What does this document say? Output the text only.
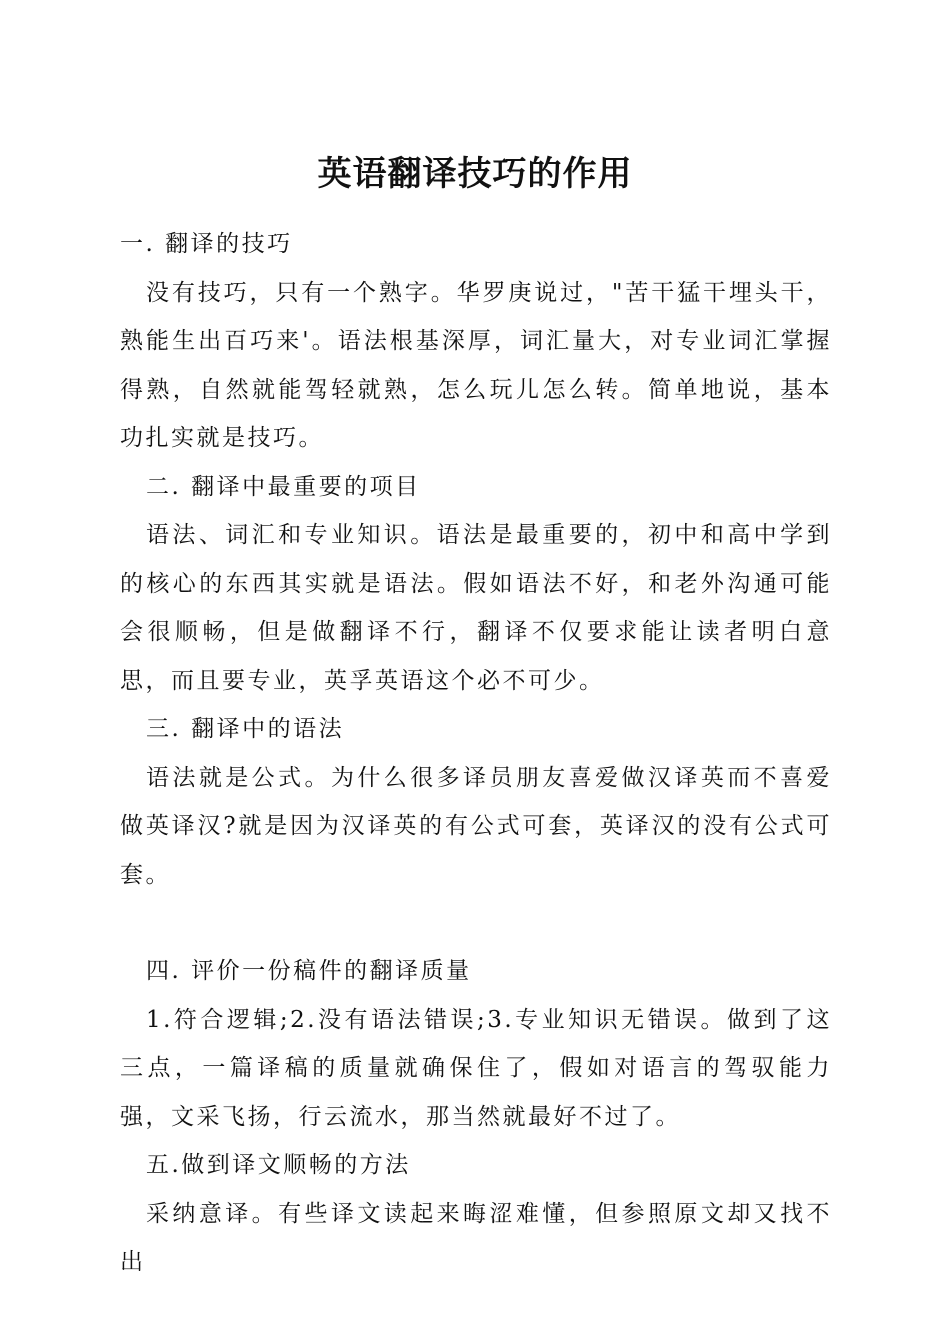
英语翻译技巧的作用

一. 翻译的技巧

没有技巧，只有一个熟字。华罗庚说过，"苦干猛干埋头干，熟能生出百巧来'。语法根基深厚，词汇量大，对专业词汇掌握得熟，自然就能驾轻就熟，怎么玩儿怎么转。简单地说，基本功扎实就是技巧。

二. 翻译中最重要的项目

语法、词汇和专业知识。语法是最重要的，初中和高中学到的核心的东西其实就是语法。假如语法不好，和老外沟通可能会很顺畅，但是做翻译不行，翻译不仅要求能让读者明白意思，而且要专业，英孚英语这个必不可少。

三. 翻译中的语法

语法就是公式。为什么很多译员朋友喜爱做汉译英而不喜爱做英译汉?就是因为汉译英的有公式可套，英译汉的没有公式可套。

四. 评价一份稿件的翻译质量

1.符合逻辑;2.没有语法错误;3.专业知识无错误。做到了这三点，一篇译稿的质量就确保住了，假如对语言的驾驭能力强，文采飞扬，行云流水，那当然就最好不过了。

五.做到译文顺畅的方法

采纳意译。有些译文读起来晦涩难懂，但参照原文却又找不出
